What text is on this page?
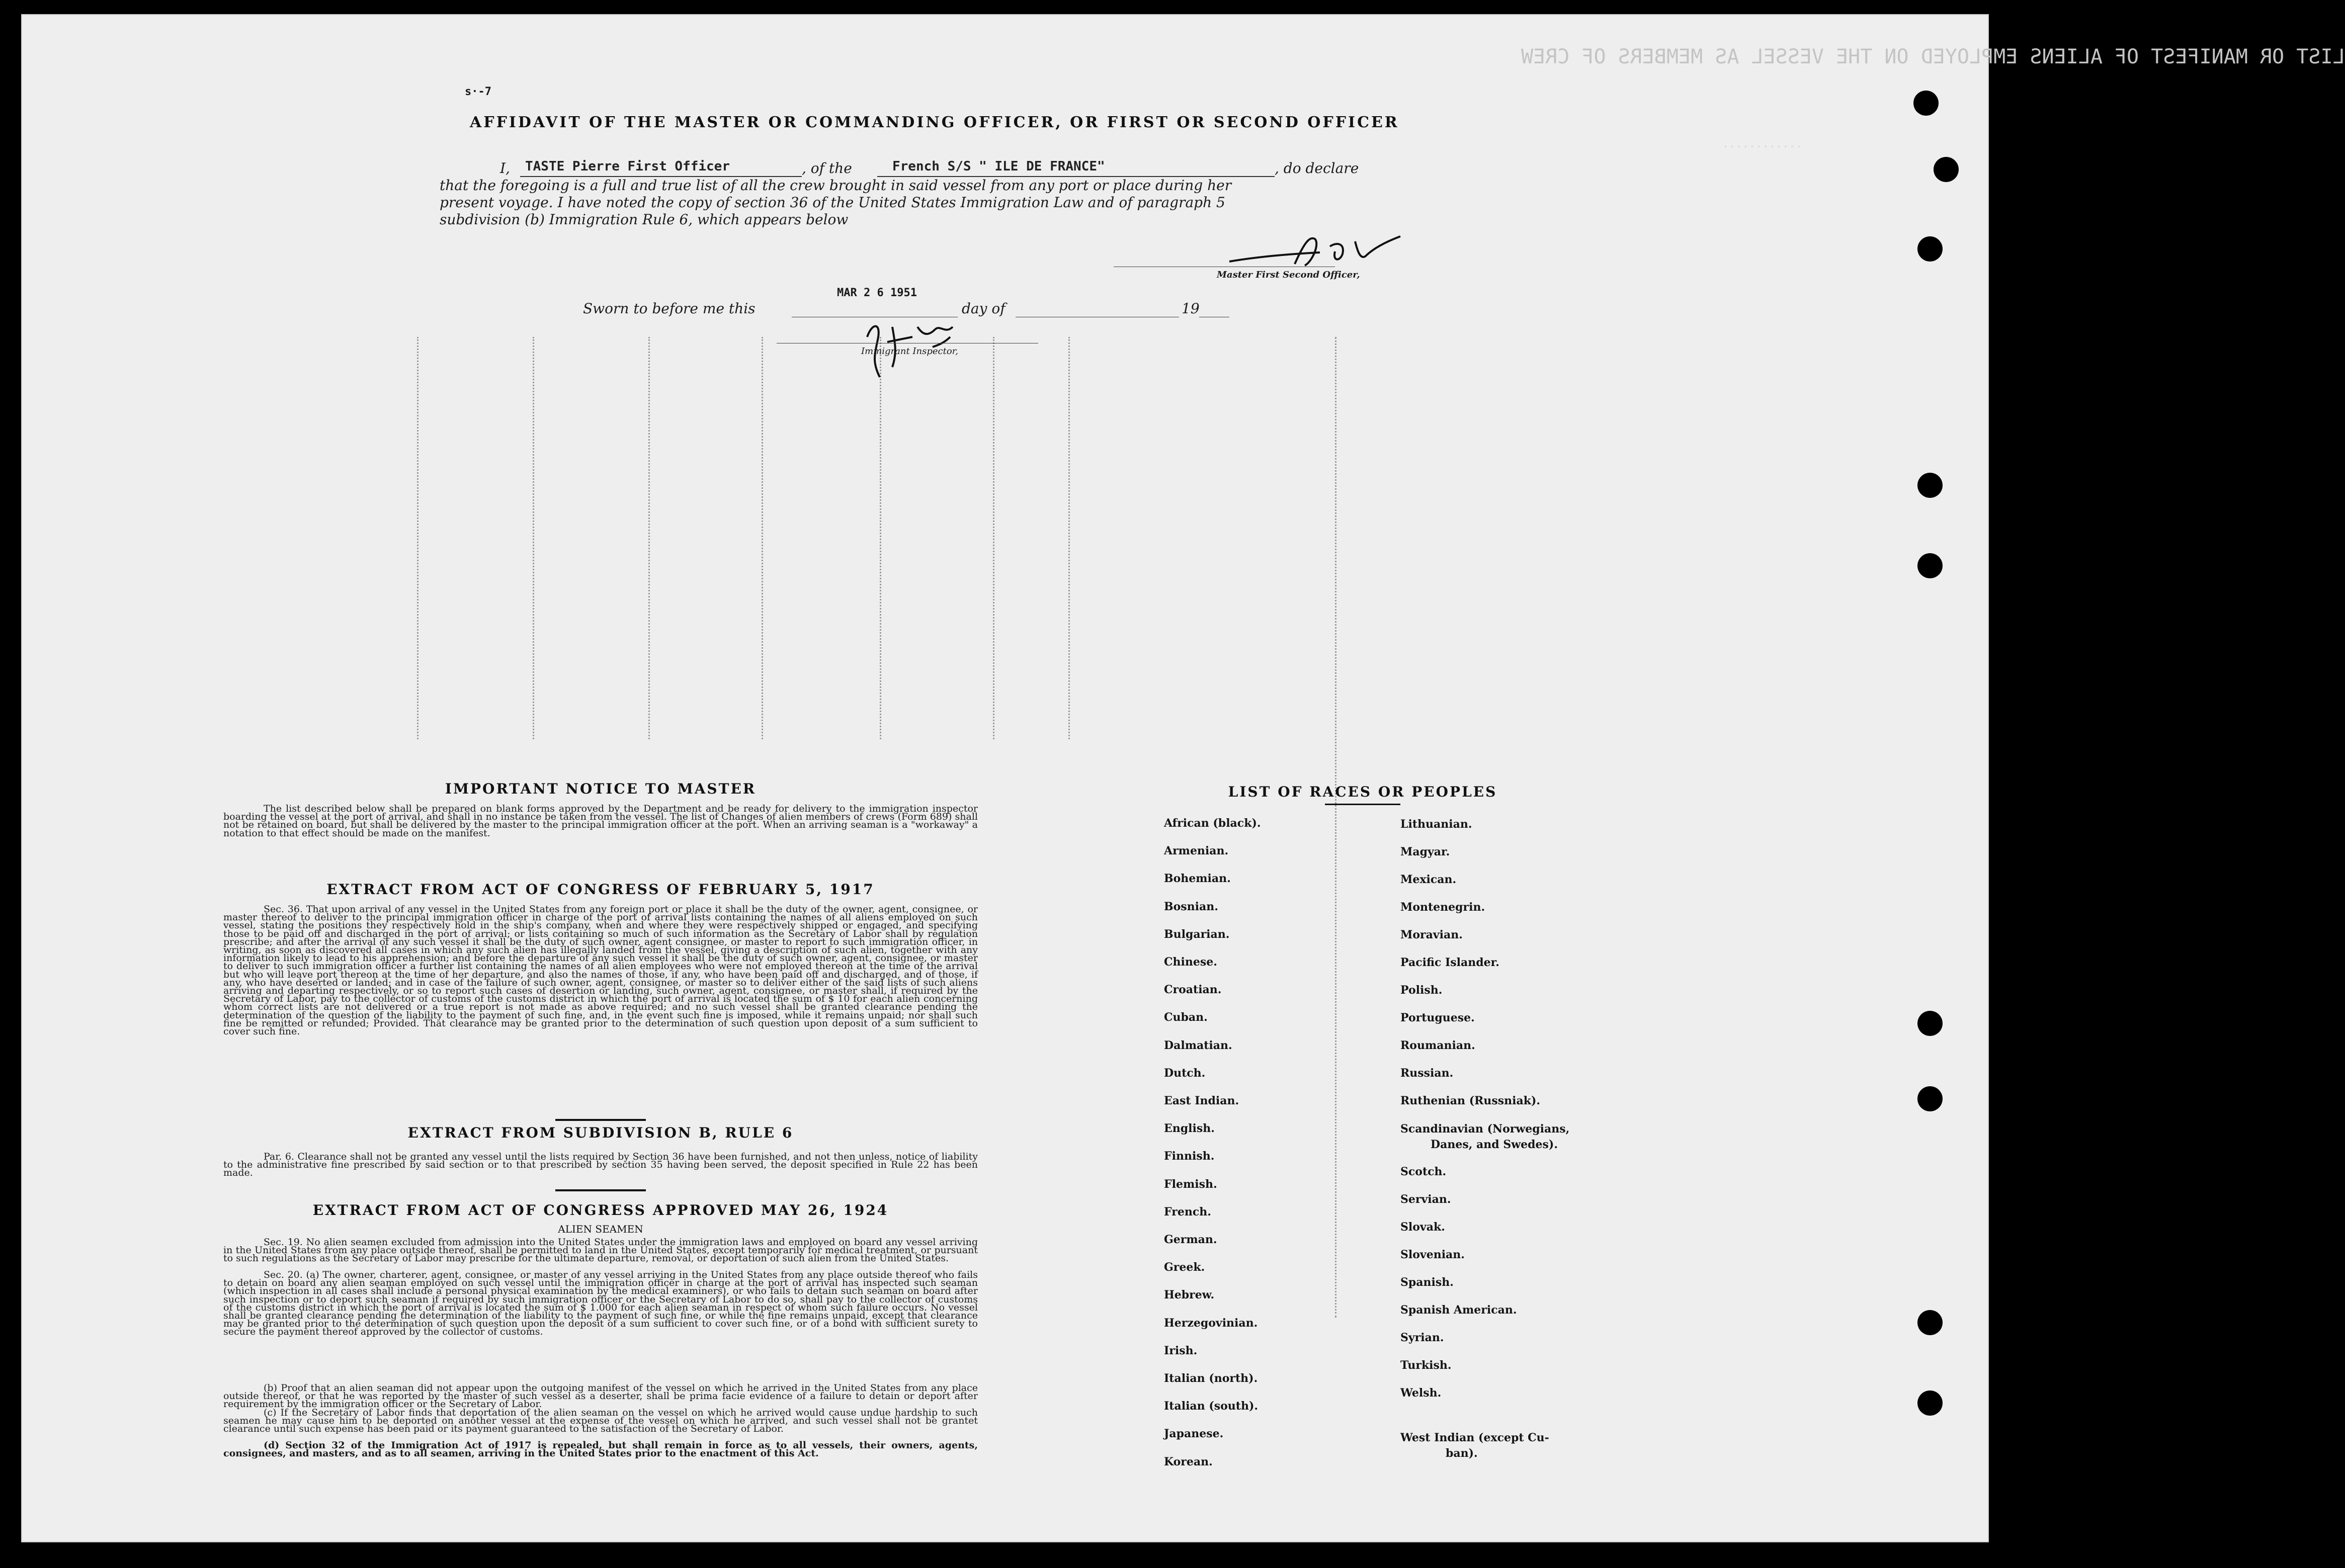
LIST OR MANIFEST OF ALIENS EMPLOYED ON THE VESSEL AS MEMBERS OF CREW
············
s·-7
AFFIDAVIT OF THE MASTER OR COMMANDING OFFICER, OR FIRST OR SECOND OFFICER
I, TASTE Pierre First Officer	, of the	French S/S " ILE DE FRANCE"	, do declare
that the foregoing is a full and true list of all the crew brought in said vessel from any port or place during her
present voyage. I have noted the copy of section 36 of the United States Immigration Law and of paragraph 5
subdivision (b) Immigration Rule 6, which appears below
Master First Second Officer,
Sworn to before me this
MAR 2 6 1951
day of	19
Immigrant Inspector,
IMPORTANT NOTICE TO MASTER
The list described below shall be prepared on blank forms approved by the Department and be ready for delivery to the immigration inspector boarding the vessel at the port of arrival, and shall in no instance be taken from the vessel. The list of Changes of alien members of crews (Form 689) shall not be retained on board, but shall be delivered by the master to the principal immigration officer at the port. When an arriving seaman is a "workaway" a notation to that effect should be made on the manifest.
EXTRACT FROM ACT OF CONGRESS OF FEBRUARY 5, 1917
Sec. 36. That upon arrival of any vessel in the United States from any foreign port or place it shall be the duty of the owner, agent, consignee, or master thereof to deliver to the principal immigration officer in charge of the port of arrival lists containing the names of all aliens employed on such vessel, stating the positions they respectively hold in the ship's company, when and where they were respectively shipped or engaged, and specifying those to be paid off and discharged in the port of arrival; or lists containing so much of such information as the Secretary of Labor shall by regulation prescribe; and after the arrival of any such vessel it shall be the duty of such owner, agent consignee, or master to report to such immigration officer, in writing, as soon as discovered all cases in which any such alien has illegally landed from the vessel, giving a description of such alien, together with any information likely to lead to his apprehension; and before the departure of any such vessel it shall be the duty of such owner, agent, consignee, or master to deliver to such immigration officer a further list containing the names of all alien employees who were not employed thereon at the time of the arrival but who will leave port thereon at the time of her departure, and also the names of those, if any, who have been paid off and discharged, and of those, if any, who have deserted or landed; and in case of the failure of such owner, agent, consignee, or master so to deliver either of the said lists of such aliens arriving and departing respectively, or so to report such cases of desertion or landing, such owner, agent, consignee, or master shall, if required by the Secretary of Labor, pay to the collector of customs of the customs district in which the port of arrival is located the sum of $ 10 for each alien concerning whom correct lists are not delivered or a true report is not made as above required; and no such vessel shall be granted clearance pending the determination of the question of the liability to the payment of such fine, and, in the event such fine is imposed, while it remains unpaid; nor shall such fine be remitted or refunded; Provided. That clearance may be granted prior to the determination of such question upon deposit of a sum sufficient to cover such fine.
EXTRACT FROM SUBDIVISION B, RULE 6
Par. 6. Clearance shall not be granted any vessel until the lists required by Section 36 have been furnished, and not then unless, notice of liability to the administrative fine prescribed by said section or to that prescribed by section 35 having been served, the deposit specified in Rule 22 has been made.
EXTRACT FROM ACT OF CONGRESS APPROVED MAY 26, 1924
ALIEN SEAMEN
Sec. 19. No alien seamen excluded from admission into the United States under the immigration laws and employed on board any vessel arriving in the United States from any place outside thereof, shall be permitted to land in the United States, except temporarily for medical treatment, or pursuant to such regulations as the Secretary of Labor may prescribe for the ultimate departure, removal, or deportation of such alien from the United States.
Sec. 20. (a) The owner, charterer, agent, consignee, or master of any vessel arriving in the United States from any place outside thereof who fails to detain on board any alien seaman employed on such vessel until the immigration officer in charge at the port of arrival has inspected such seaman (which inspection in all cases shall include a personal physical examination by the medical examiners), or who fails to detain such seaman on board after such inspection or to deport such seaman if required by such immigration officer or the Secretary of Labor to do so, shall pay to the collector of customs of the customs district in which the port of arrival is located the sum of $ 1.000 for each alien seaman in respect of whom such failure occurs. No vessel shall be granted clearance pending the determination of the liability to the payment of such fine, or while the fine remains unpaid, except that clearance may be granted prior to the determination of such question upon the deposit of a sum sufficient to cover such fine, or of a bond with sufficient surety to secure the payment thereof approved by the collector of customs.
(b) Proof that an alien seaman did not appear upon the outgoing manifest of the vessel on which he arrived in the United States from any place outside thereof, or that he was reported by the master of such vessel as a deserter, shall be prima facie evidence of a failure to detain or deport after requirement by the immigration officer or the Secretary of Labor.
(c) If the Secretary of Labor finds that deportation of the alien seaman on the vessel on which he arrived would cause undue hardship to such seamen he may cause him to be deported on another vessel at the expense of the vessel on which he arrived, and such vessel shall not be grantet clearance until such expense has been paid or its payment guaranteed to the satisfaction of the Secretary of Labor.
(d) Section 32 of the Immigration Act of 1917 is repealed, but shall remain in force as to all vessels, their owners, agents, consignees, and masters, and as to all seamen, arriving in the United States prior to the enactment of this Act.
LIST OF RACES OR PEOPLES
Danes, and Swedes).
ban).
African (black).
Armenian.
Bohemian.
Bosnian.
Bulgarian.
Chinese.
Croatian.
Cuban.
Dalmatian.
Dutch.
East Indian.
English.
Finnish.
Flemish.
French.
German.
Greek.
Hebrew.
Herzegovinian.
Irish.
Italian (north).
Italian (south).
Japanese.
Korean.
Lithuanian.
Magyar.
Mexican.
Montenegrin.
Moravian.
Pacific Islander.
Polish.
Portuguese.
Roumanian.
Russian.
Ruthenian (Russniak).
Scandinavian (Norwegians,
Scotch.
Servian.
Slovak.
Slovenian.
Spanish.
Spanish American.
Syrian.
Turkish.
Welsh.
West Indian (except Cu-
